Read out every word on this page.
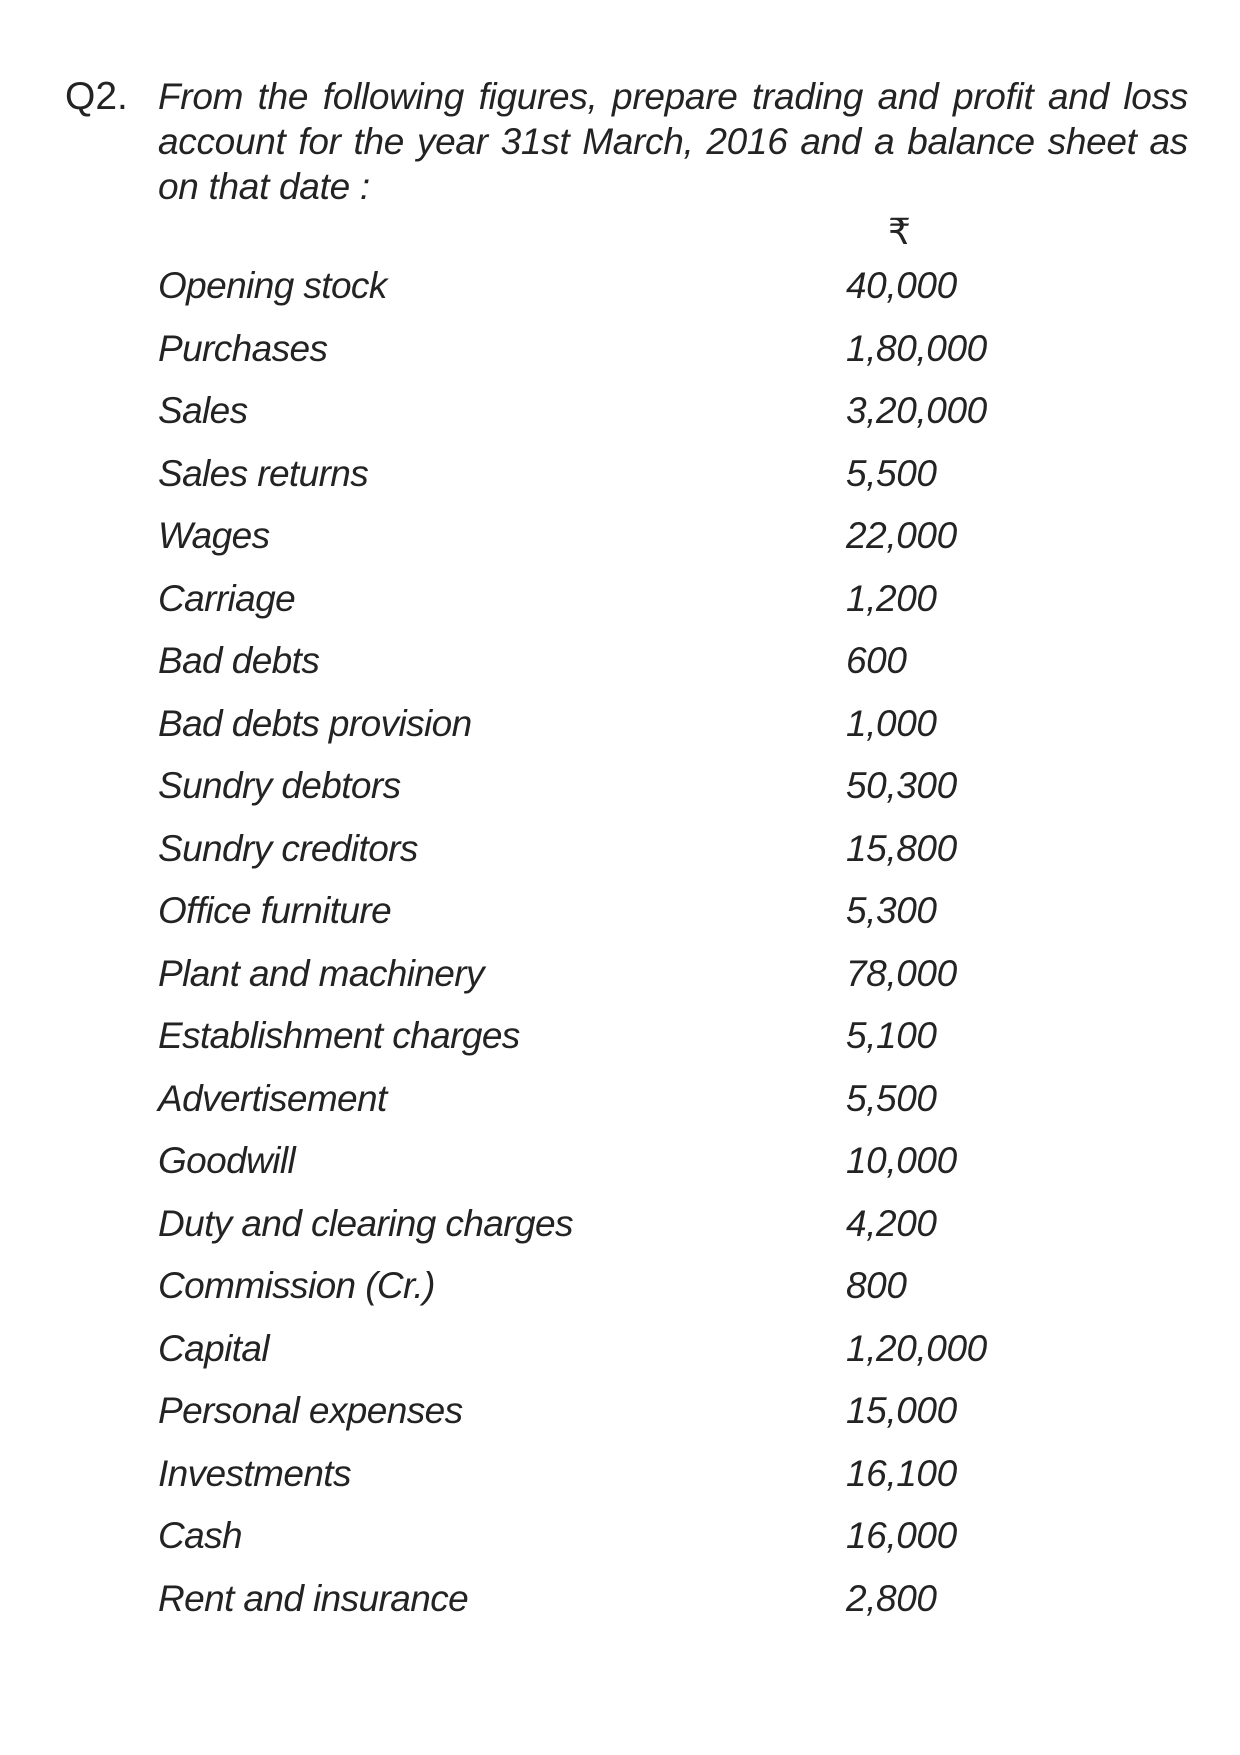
Q2. From the following figures, prepare trading and profit and loss
account for the year 31st March, 2016 and a balance sheet as
on that date :
₹
Opening stock	40,000
Purchases	1,80,000
Sales	3,20,000
Sales returns	5,500
Wages	22,000
Carriage	1,200
Bad debts	600
Bad debts provision	1,000
Sundry debtors	50,300
Sundry creditors	15,800
Office furniture	5,300
Plant and machinery	78,000
Establishment charges	5,100
Advertisement	5,500
Goodwill	10,000
Duty and clearing charges	4,200
Commission (Cr.)	800
Capital	1,20,000
Personal expenses	15,000
Investments	16,100
Cash	16,000
Rent and insurance	2,800
